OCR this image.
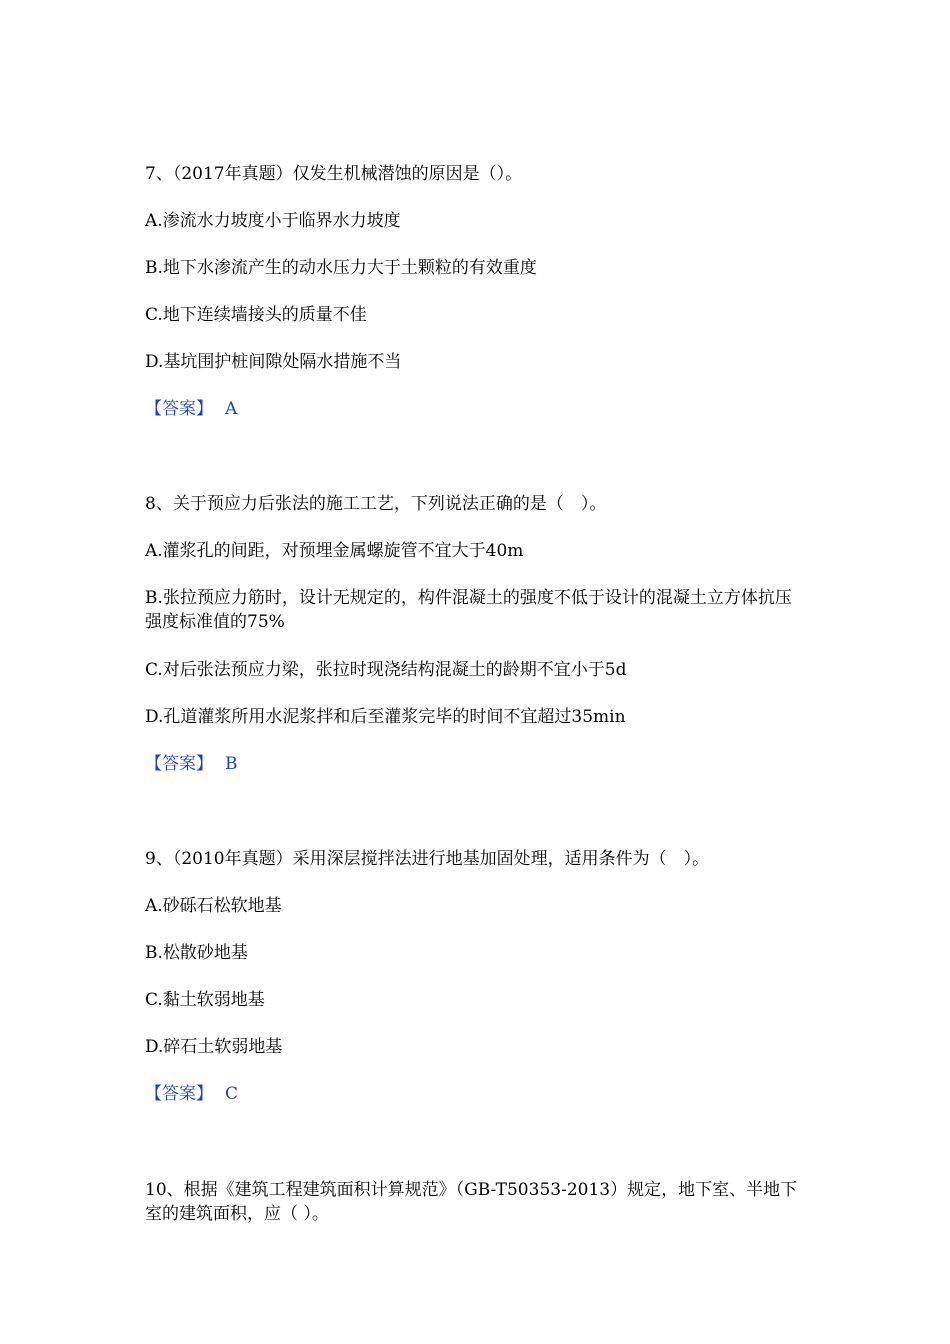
7、（2017年真题）仅发生机械潜蚀的原因是（）。
A.渗流水力坡度小于临界水力坡度
B.地下水渗流产生的动水压力大于土颗粒的有效重度
C.地下连续墙接头的质量不佳
D.基坑围护桩间隙处隔水措施不当
【答案】 A
8、关于预应力后张法的施工工艺，下列说法正确的是（　）。
A.灌浆孔的间距，对预埋金属螺旋管不宜大于40m
B.张拉预应力筋时，设计无规定的，构件混凝土的强度不低于设计的混凝土立方体抗压强度标准值的75%
C.对后张法预应力梁，张拉时现浇结构混凝土的龄期不宜小于5d
D.孔道灌浆所用水泥浆拌和后至灌浆完毕的时间不宜超过35min
【答案】 B
9、（2010年真题）采用深层搅拌法进行地基加固处理，适用条件为（　）。
A.砂砾石松软地基
B.松散砂地基
C.黏土软弱地基
D.碎石土软弱地基
【答案】 C
10、根据《建筑工程建筑面积计算规范》（GB-T50353-2013）规定，地下室、半地下室的建筑面积，应（ ）。
